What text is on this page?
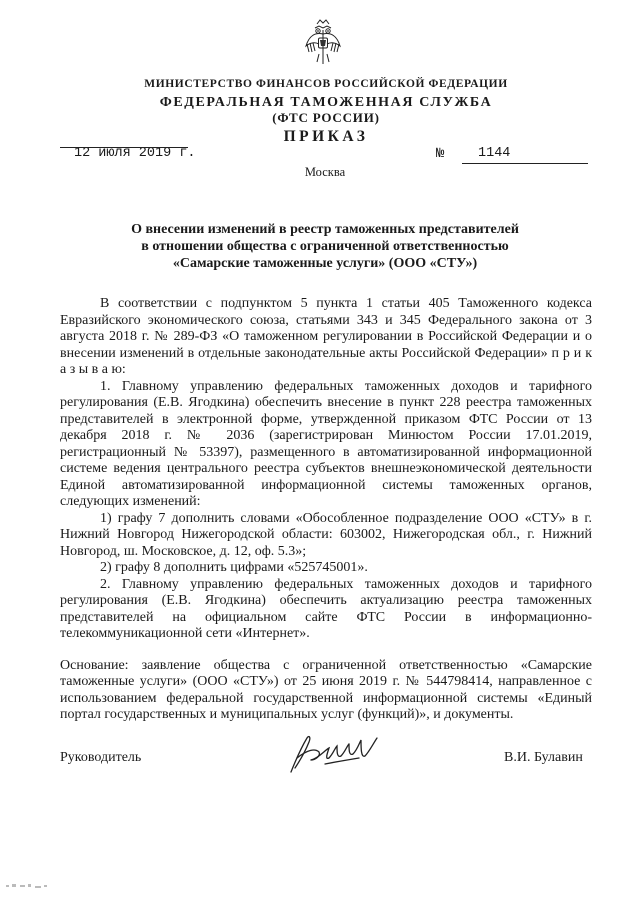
МИНИСТЕРСТВО ФИНАНСОВ РОССИЙСКОЙ ФЕДЕРАЦИИ
ФЕДЕРАЛЬНАЯ ТАМОЖЕННАЯ СЛУЖБА
(ФТС РОССИИ)
ПРИКАЗ
12 июля 2019 г.	№ 1144
Москва
О внесении изменений в реестр таможенных представителей
в отношении общества с ограниченной ответственностью
«Самарские таможенные услуги» (ООО «СТУ»)

В соответствии с подпунктом 5 пункта 1 статьи 405 Таможенного кодекса Евразийского экономического союза, статьями 343 и 345 Федерального закона от 3 августа 2018 г. № 289-ФЗ «О таможенном регулировании в Российской Федерации и о внесении изменений в отдельные законодательные акты Российской Федерации» п р и к а з ы в а ю:

1. Главному управлению федеральных таможенных доходов и тарифного регулирования (Е.В. Ягодкина) обеспечить внесение в пункт 228 реестра таможенных представителей в электронной форме, утвержденной приказом ФТС России от 13 декабря 2018 г. № 2036 (зарегистрирован Минюстом России 17.01.2019, регистрационный № 53397), размещенного в автоматизированной информационной системе ведения центрального реестра субъектов внешнеэкономической деятельности Единой автоматизированной информационной системы таможенных органов, следующих изменений:

1) графу 7 дополнить словами «Обособленное подразделение ООО «СТУ» в г. Нижний Новгород Нижегородской области: 603002, Нижегородская обл., г. Нижний Новгород, ш. Московское, д. 12, оф. 5.3»;

2) графу 8 дополнить цифрами «525745001».

2. Главному управлению федеральных таможенных доходов и тарифного регулирования (Е.В. Ягодкина) обеспечить актуализацию реестра таможенных представителей на официальном сайте ФТС России в информационно-телекоммуникационной сети «Интернет».

Основание: заявление общества с ограниченной ответственностью «Самарские таможенные услуги» (ООО «СТУ») от 25 июня 2019 г. № 544798414, направленное с использованием федеральной государственной информационной системы «Единый портал государственных и муниципальных услуг (функций)», и документы.

Руководитель	В.И. Булавин
